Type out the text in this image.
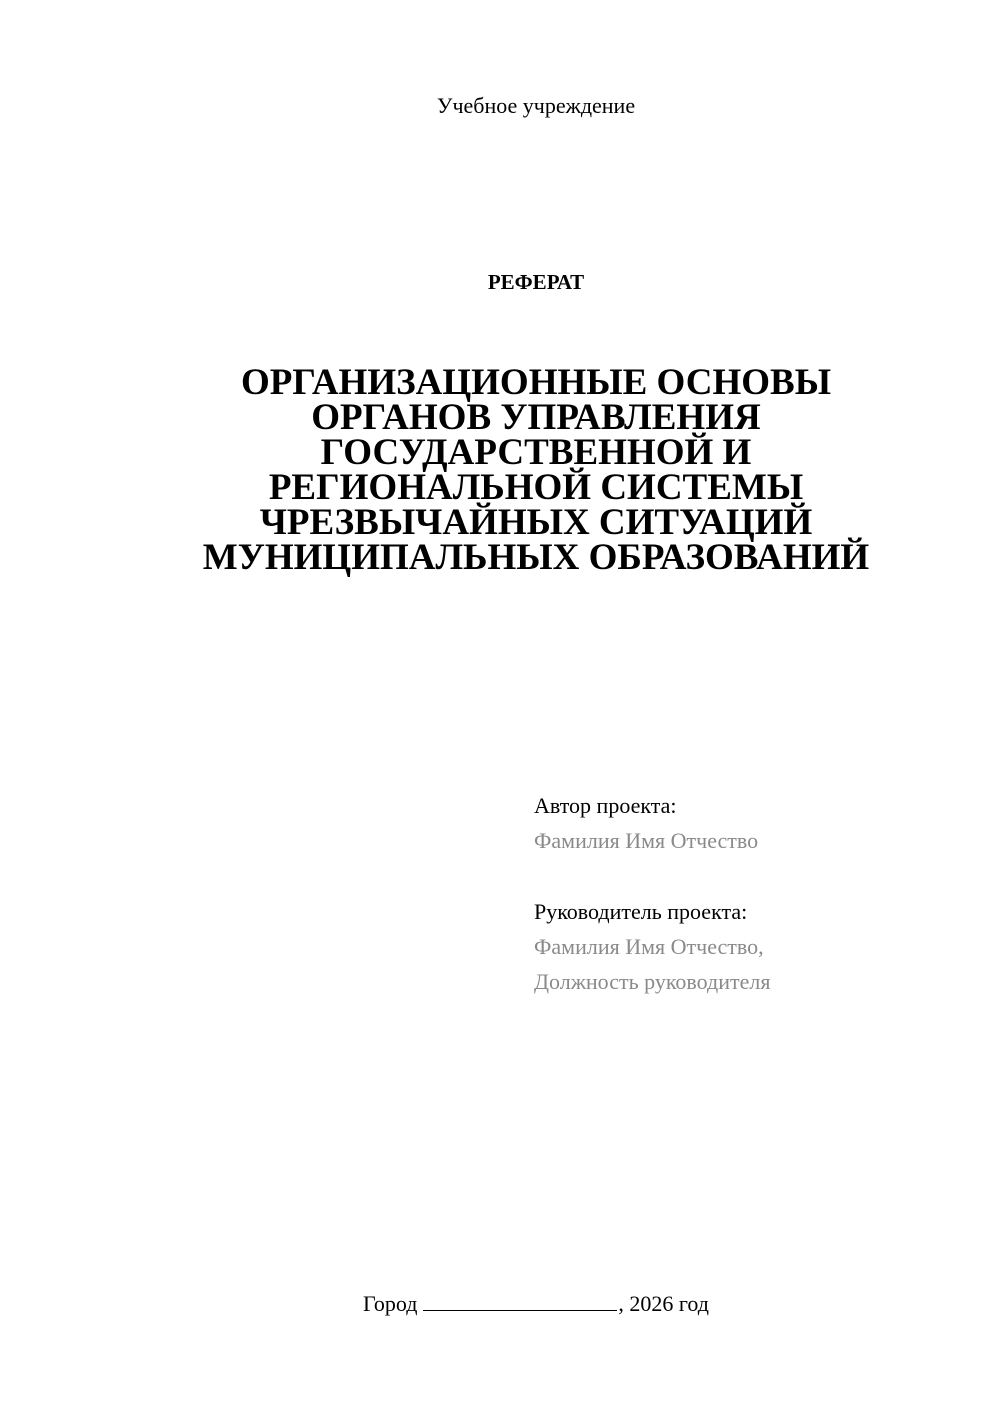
Учебное учреждение
РЕФЕРАТ
ОРГАНИЗАЦИОННЫЕ ОСНОВЫ
ОРГАНОВ УПРАВЛЕНИЯ
ГОСУДАРСТВЕННОЙ И
РЕГИОНАЛЬНОЙ СИСТЕМЫ
ЧРЕЗВЫЧАЙНЫХ СИТУАЦИЙ
МУНИЦИПАЛЬНЫХ ОБРАЗОВАНИЙ
Автор проекта:
Фамилия Имя Отчество
Руководитель проекта:
Фамилия Имя Отчество,
Должность руководителя
Город	, 2026 год
